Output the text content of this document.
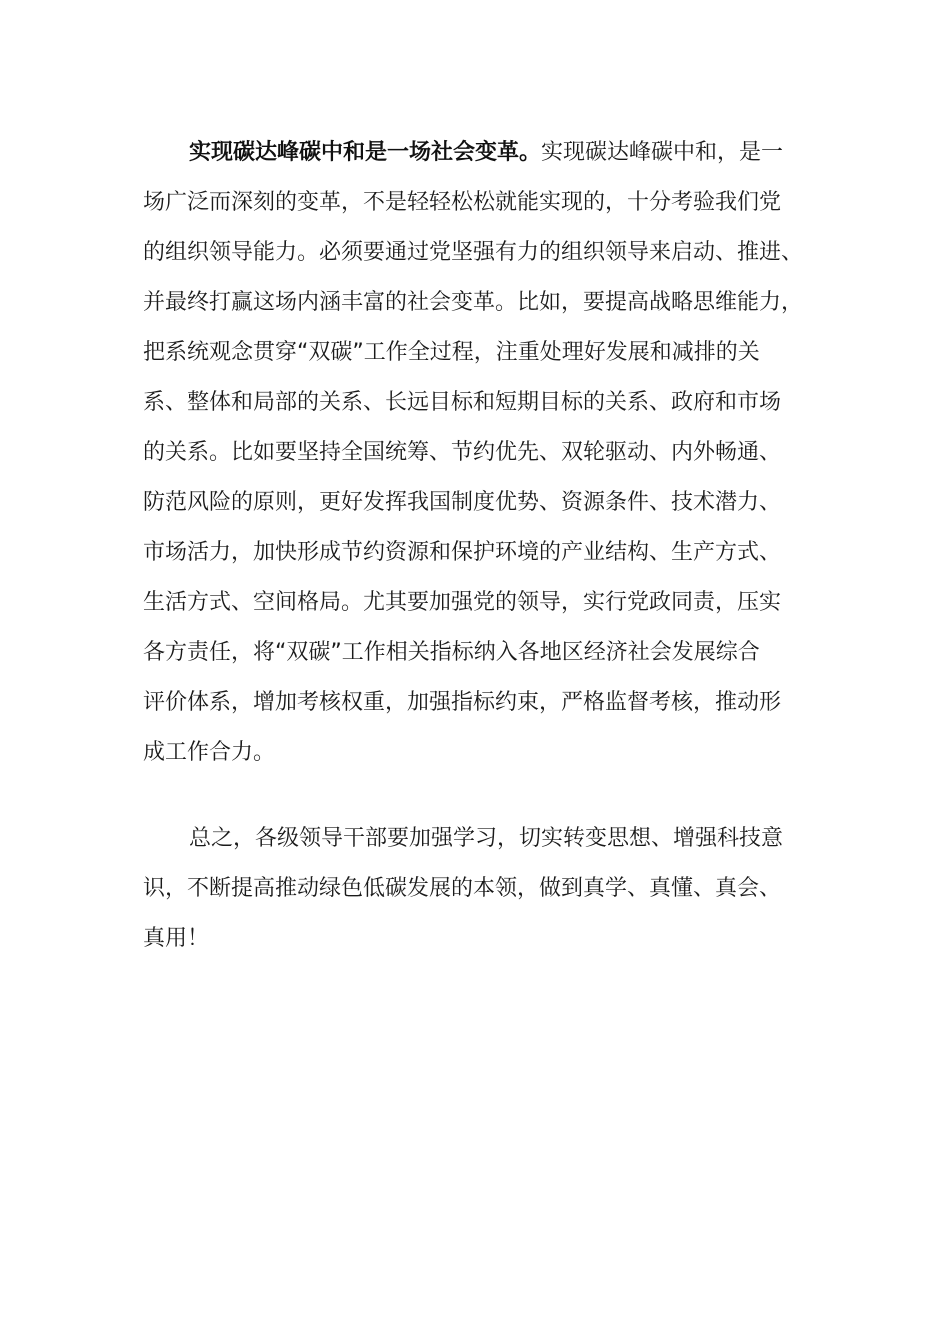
实现碳达峰碳中和是一场社会变革。实现碳达峰碳中和，是一
场广泛而深刻的变革，不是轻轻松松就能实现的，十分考验我们党
的组织领导能力。必须要通过党坚强有力的组织领导来启动、推进、
并最终打赢这场内涵丰富的社会变革。比如，要提高战略思维能力，
把系统观念贯穿“双碳”工作全过程，注重处理好发展和减排的关
系、整体和局部的关系、长远目标和短期目标的关系、政府和市场
的关系。比如要坚持全国统筹、节约优先、双轮驱动、内外畅通、
防范风险的原则，更好发挥我国制度优势、资源条件、技术潜力、
市场活力，加快形成节约资源和保护环境的产业结构、生产方式、
生活方式、空间格局。尤其要加强党的领导，实行党政同责，压实
各方责任，将“双碳”工作相关指标纳入各地区经济社会发展综合
评价体系，增加考核权重，加强指标约束，严格监督考核，推动形
成工作合力。
总之，各级领导干部要加强学习，切实转变思想、增强科技意
识，不断提高推动绿色低碳发展的本领，做到真学、真懂、真会、
真用！
